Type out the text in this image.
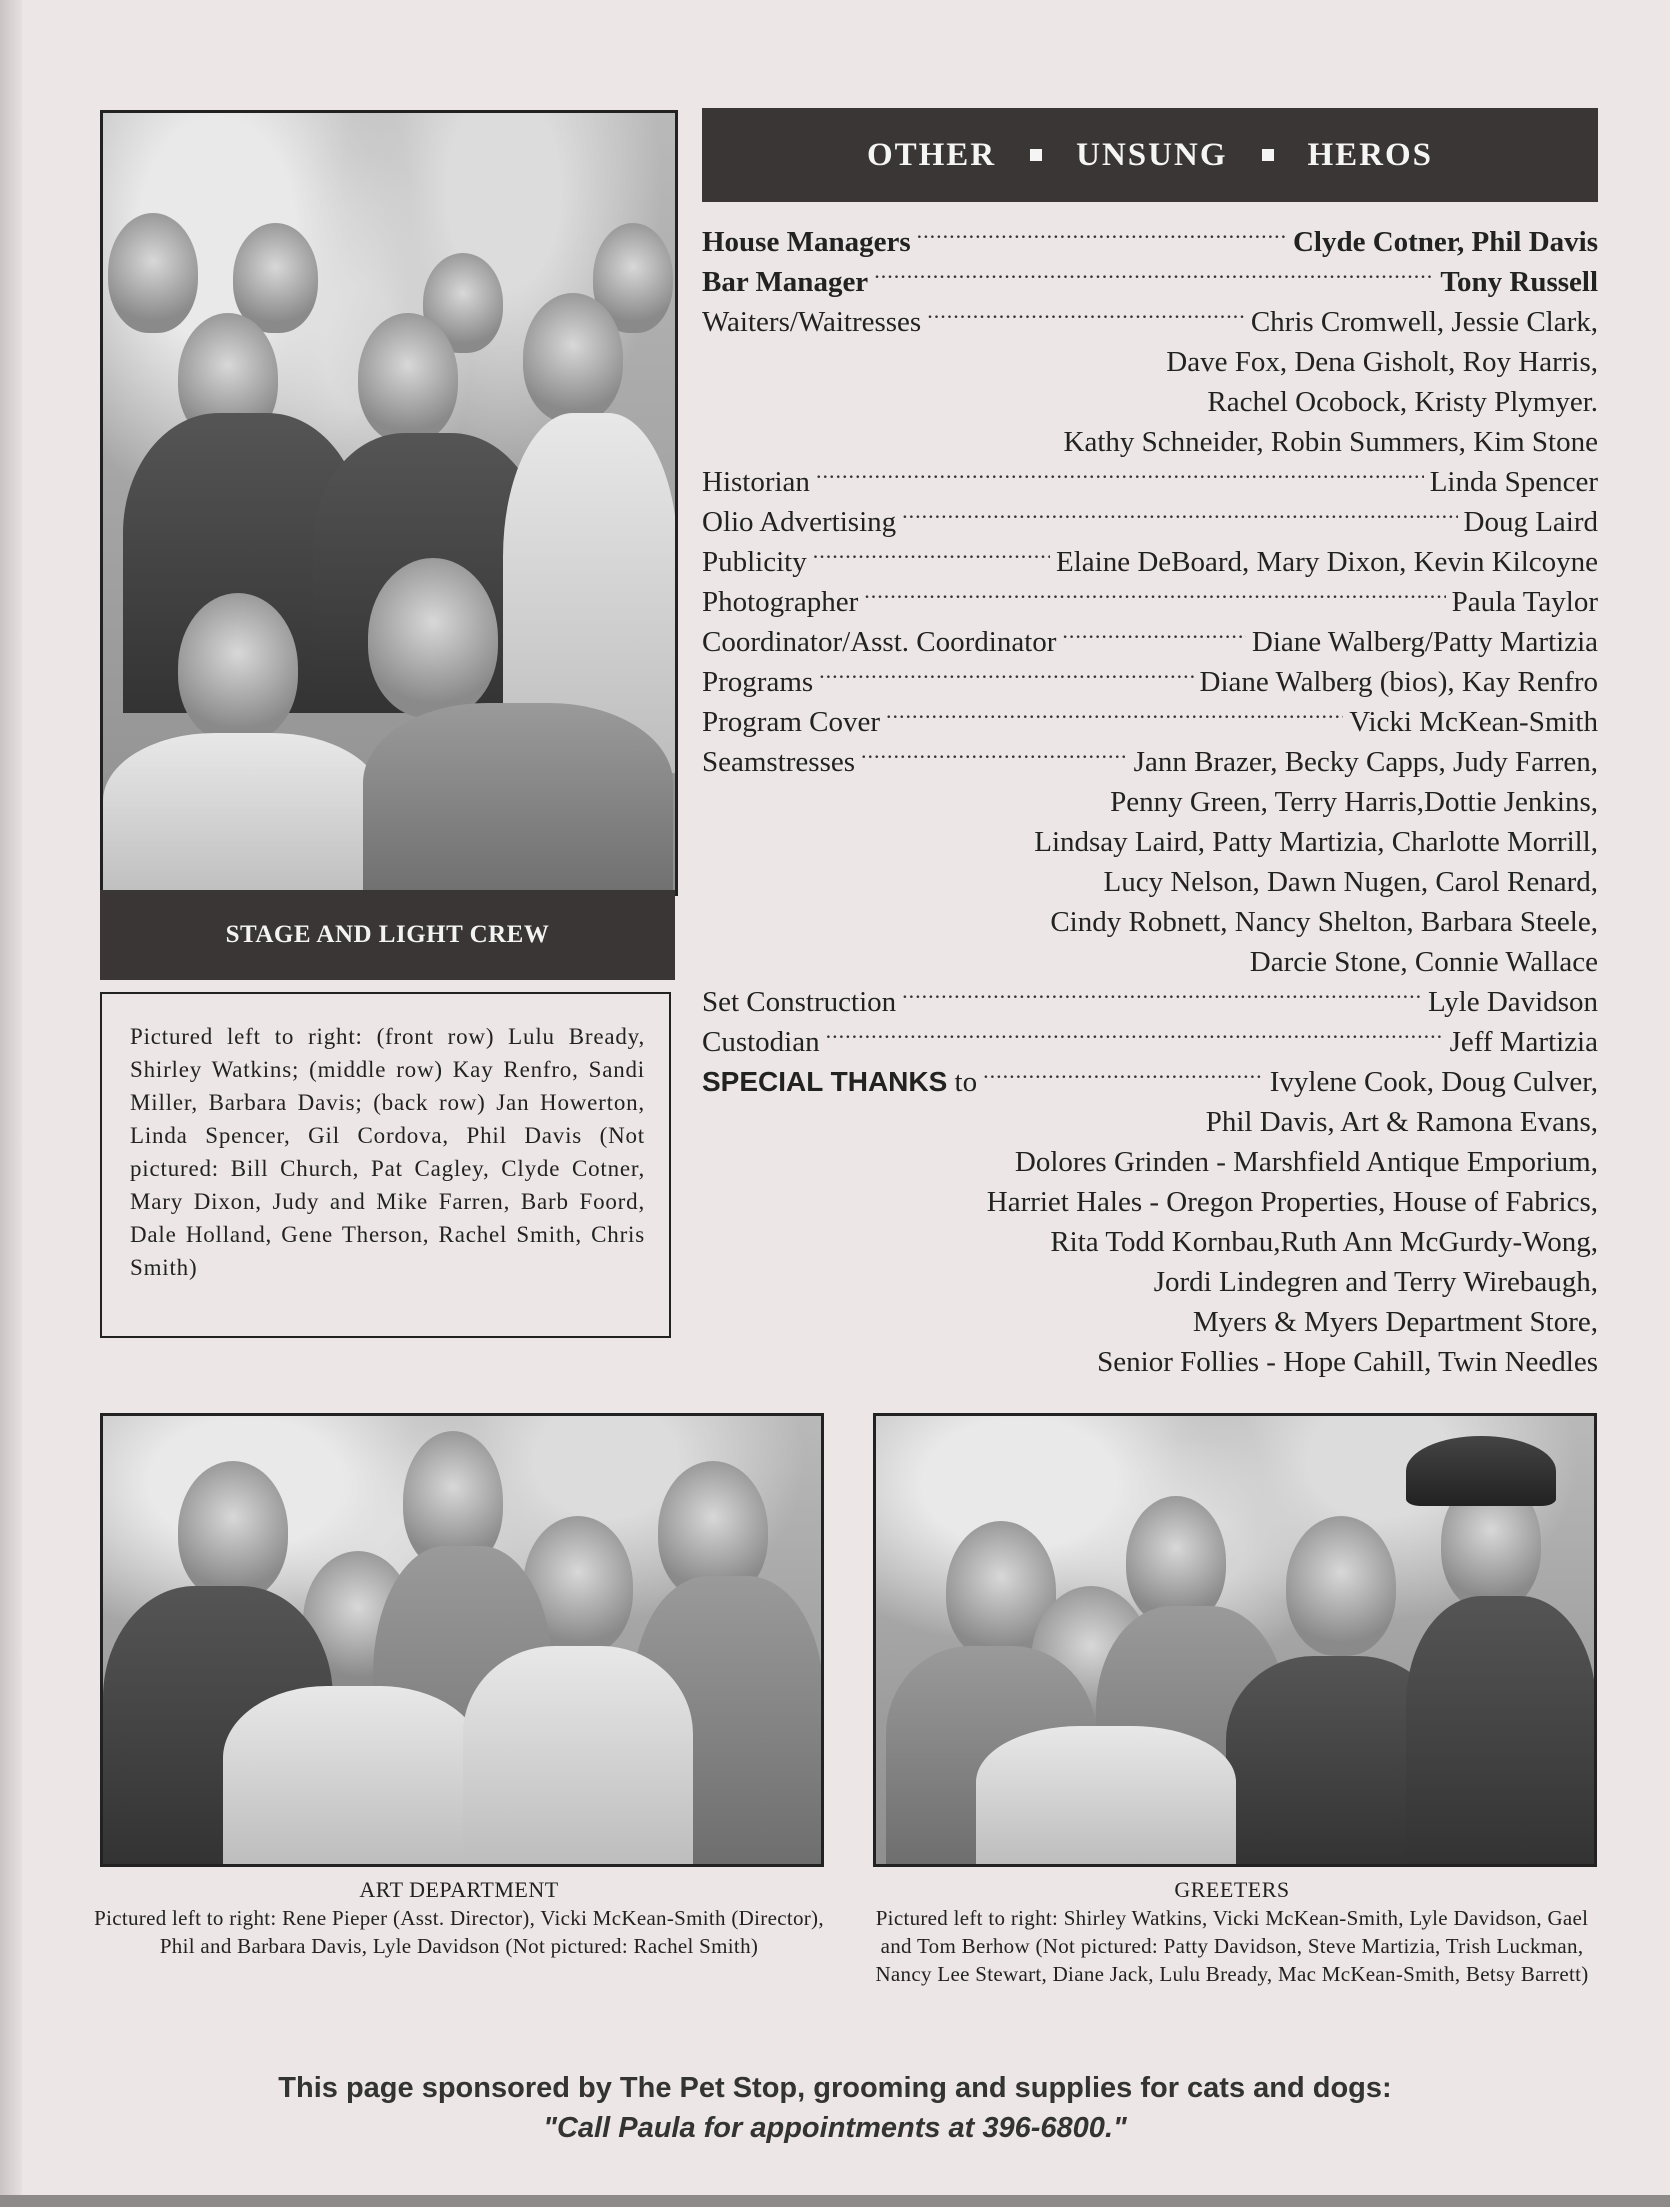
STAGE AND LIGHT CREW
Pictured left to right: (front row) Lulu Bready, Shirley Watkins; (middle row) Kay Renfro, Sandi Miller, Barbara Davis; (back row) Jan Howerton, Linda Spencer, Gil Cordova, Phil Davis (Not pictured: Bill Church, Pat Cagley, Clyde Cotner, Mary Dixon, Judy and Mike Farren, Barb Foord, Dale Holland, Gene Therson, Rachel Smith, Chris Smith)
OTHER UNSUNG HEROS
House Managers .....	Clyde Cotner, Phil Davis
Bar Manager .....	Tony Russell
Waiters/Waitresses .....	Chris Cromwell, Jessie Clark,
Dave Fox, Dena Gisholt, Roy Harris,
Rachel Ocobock, Kristy Plymyer.
Kathy Schneider, Robin Summers, Kim Stone
Historian .....	Linda Spencer
Olio Advertising .....	Doug Laird
Publicity .....	Elaine DeBoard, Mary Dixon, Kevin Kilcoyne
Photographer .....	Paula Taylor
Coordinator/Asst. Coordinator .....	Diane Walberg/Patty Martizia
Programs .....	Diane Walberg (bios), Kay Renfro
Program Cover .....	Vicki McKean-Smith
Seamstresses .....	Jann Brazer, Becky Capps, Judy Farren,
Penny Green, Terry Harris,Dottie Jenkins,
Lindsay Laird, Patty Martizia, Charlotte Morrill,
Lucy Nelson, Dawn Nugen, Carol Renard,
Cindy Robnett, Nancy Shelton, Barbara Steele,
Darcie Stone, Connie Wallace
Set Construction .....	Lyle Davidson
Custodian .....	Jeff Martizia
SPECIAL THANKS to .....	Ivylene Cook, Doug Culver,
Phil Davis, Art & Ramona Evans,
Dolores Grinden - Marshfield Antique Emporium,
Harriet Hales - Oregon Properties, House of Fabrics,
Rita Todd Kornbau,Ruth Ann McGurdy-Wong,
Jordi Lindegren and Terry Wirebaugh,
Myers & Myers Department Store,
Senior Follies - Hope Cahill, Twin Needles
ART DEPARTMENT
Pictured left to right: Rene Pieper (Asst. Director), Vicki McKean-Smith (Director), Phil and Barbara Davis, Lyle Davidson (Not pictured: Rachel Smith)
GREETERS
Pictured left to right: Shirley Watkins, Vicki McKean-Smith, Lyle Davidson, Gael and Tom Berhow (Not pictured: Patty Davidson, Steve Martizia, Trish Luckman, Nancy Lee Stewart, Diane Jack, Lulu Bready, Mac McKean-Smith, Betsy Barrett)
This page sponsored by The Pet Stop, grooming and supplies for cats and dogs:
"Call Paula for appointments at 396-6800."
